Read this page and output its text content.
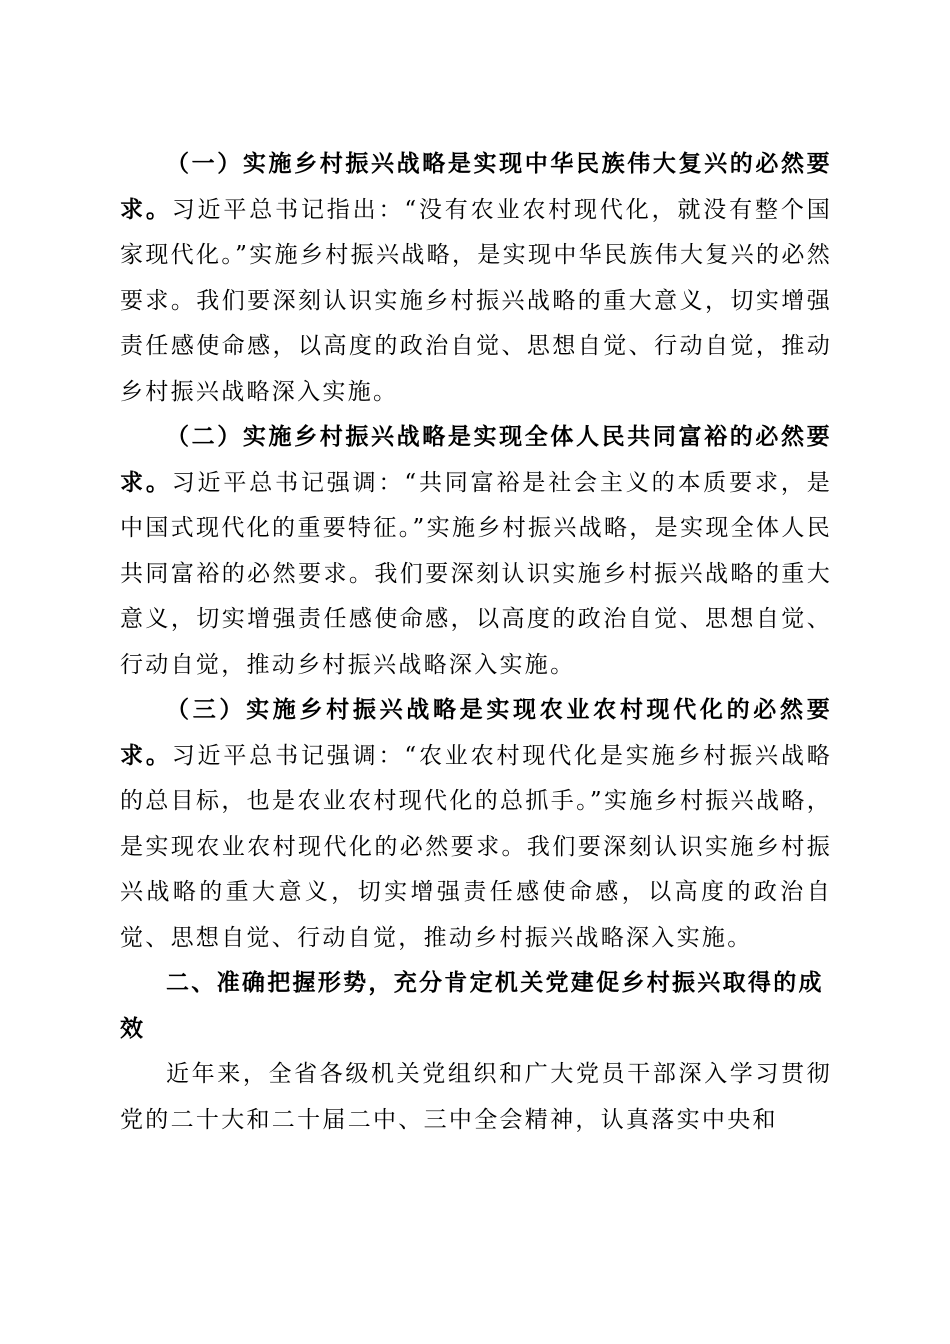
（一）实施乡村振兴战略是实现中华民族伟大复兴的必然要求。习近平总书记指出：“没有农业农村现代化，就没有整个国家现代化。”实施乡村振兴战略，是实现中华民族伟大复兴的必然要求。我们要深刻认识实施乡村振兴战略的重大意义，切实增强责任感使命感，以高度的政治自觉、思想自觉、行动自觉，推动乡村振兴战略深入实施。

（二）实施乡村振兴战略是实现全体人民共同富裕的必然要求。习近平总书记强调：“共同富裕是社会主义的本质要求，是中国式现代化的重要特征。”实施乡村振兴战略，是实现全体人民共同富裕的必然要求。我们要深刻认识实施乡村振兴战略的重大意义，切实增强责任感使命感，以高度的政治自觉、思想自觉、行动自觉，推动乡村振兴战略深入实施。

（三）实施乡村振兴战略是实现农业农村现代化的必然要求。习近平总书记强调：“农业农村现代化是实施乡村振兴战略的总目标，也是农业农村现代化的总抓手。”实施乡村振兴战略，是实现农业农村现代化的必然要求。我们要深刻认识实施乡村振兴战略的重大意义，切实增强责任感使命感，以高度的政治自觉、思想自觉、行动自觉，推动乡村振兴战略深入实施。

二、准确把握形势，充分肯定机关党建促乡村振兴取得的成效

近年来，全省各级机关党组织和广大党员干部深入学习贯彻党的二十大和二十届二中、三中全会精神，认真落实中央和
